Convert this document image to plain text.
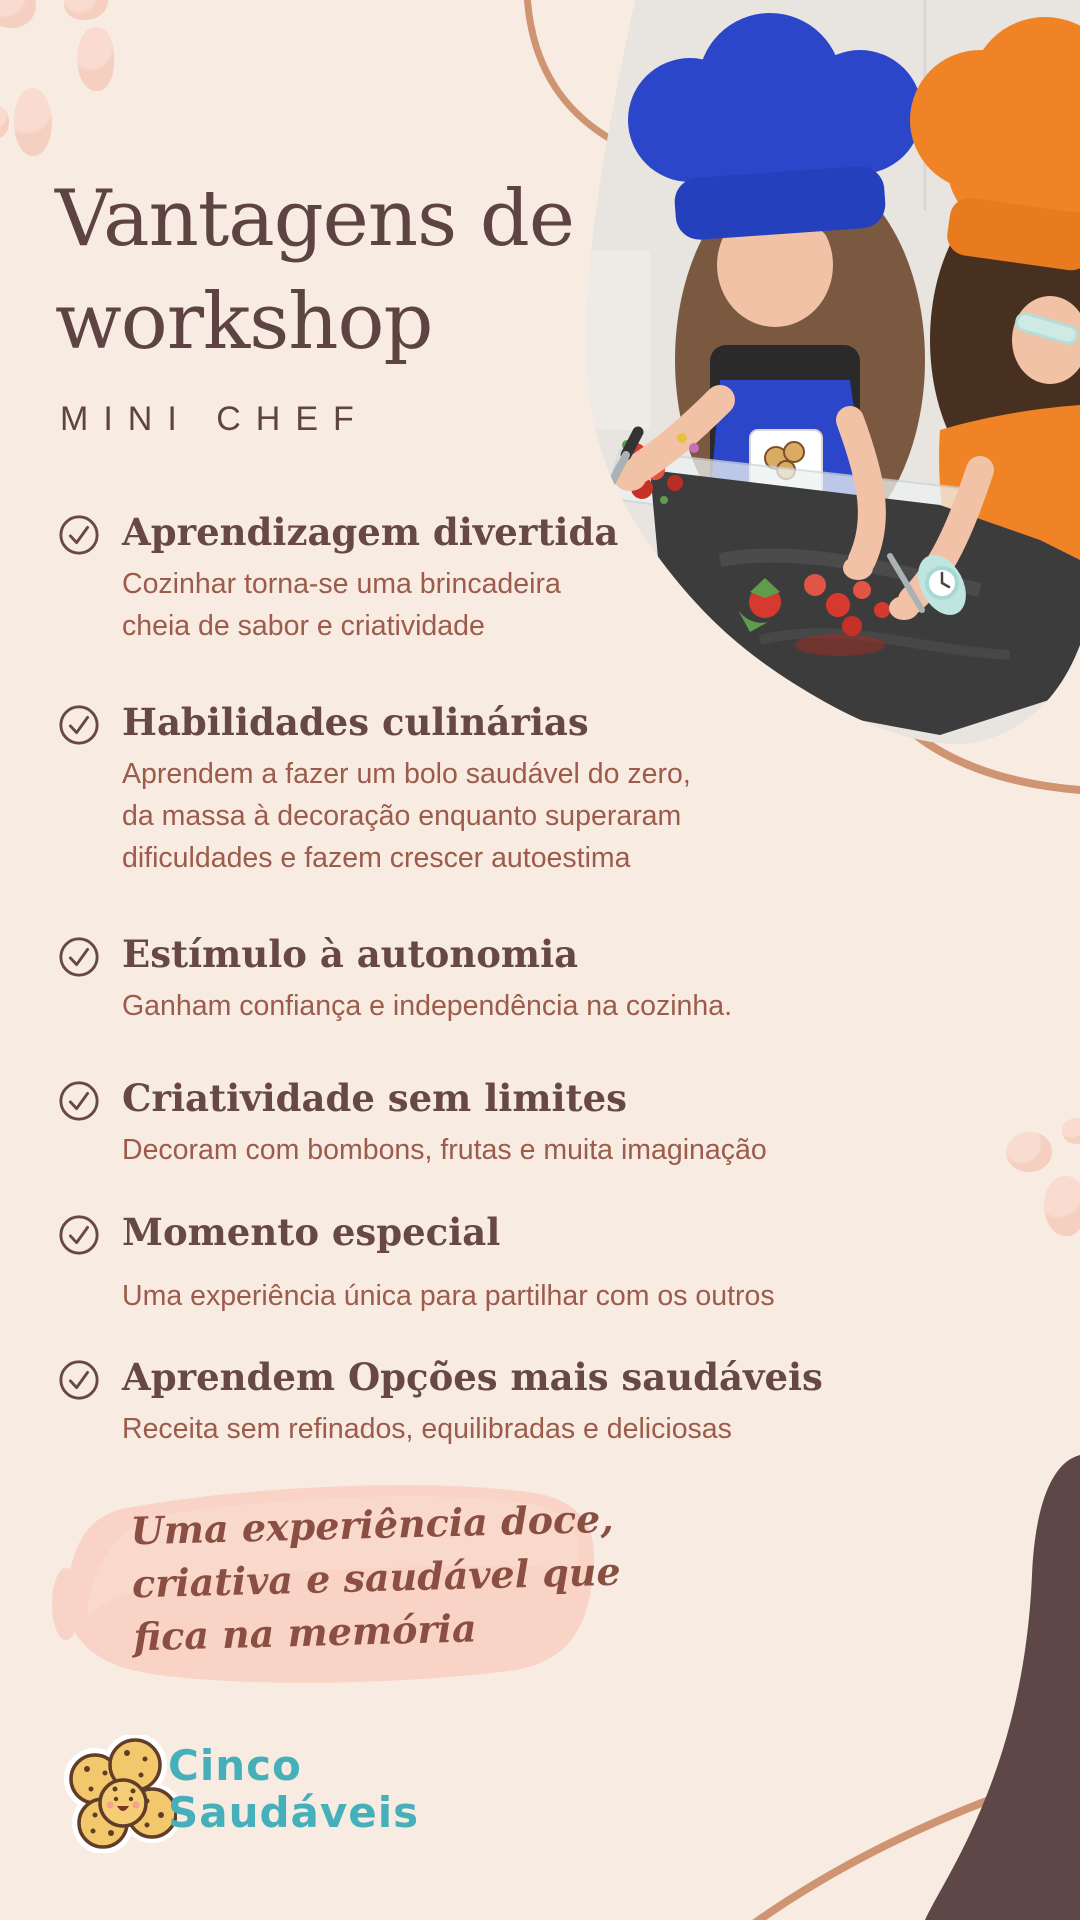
Vantagens de
workshop
MINI CHEF
Aprendizagem divertida
Cozinhar torna-se uma brincadeira
cheia de sabor e criatividade
Habilidades culinárias
Aprendem a fazer um bolo saudável do zero,
da massa à decoração enquanto superaram
dificuldades e fazem crescer autoestima
Estímulo à autonomia
Ganham confiança e independência na cozinha.
Criatividade sem limites
Decoram com bombons, frutas e muita imaginação
Momento especial
Uma experiência única para partilhar com os outros
Aprendem Opções mais saudáveis
Receita sem refinados, equilibradas e deliciosas
Uma experiência doce,
criativa e saudável que
fica na memória
Cinco
Saudáveis
